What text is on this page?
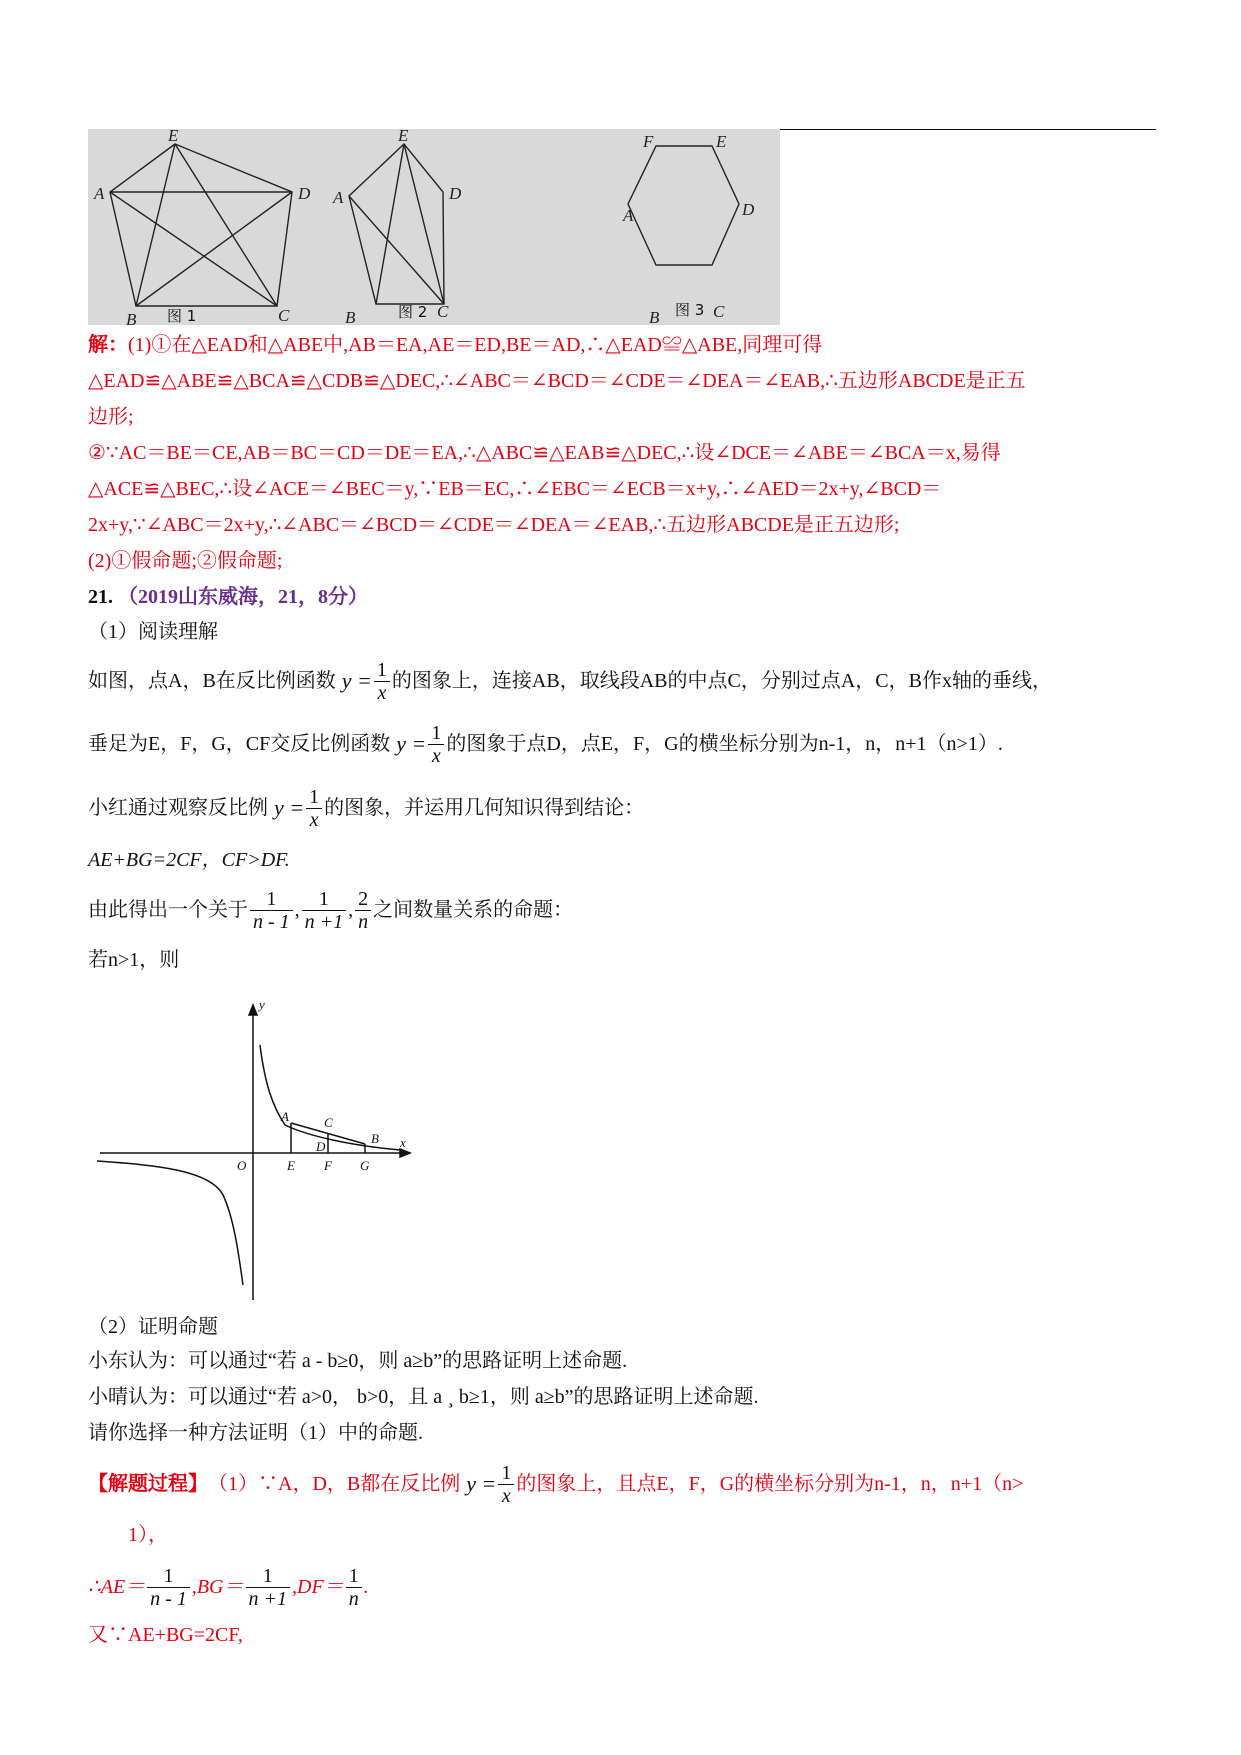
E
A	D
B	C
E
A	D
B	C
F	E
A	D
B	C
图 1	图 2	图 3
解：(1)①在△EAD和△ABE中,AB＝EA,AE＝ED,BE＝AD,∴△EAD≌△ABE,同理可得
△EAD≌△ABE≌△BCA≌△CDB≌△DEC,∴∠ABC＝∠BCD＝∠CDE＝∠DEA＝∠EAB,∴五边形ABCDE是正五
边形;
②∵AC＝BE＝CE,AB＝BC＝CD＝DE＝EA,∴△ABC≌△EAB≌△DEC,∴设∠DCE＝∠ABE＝∠BCA＝x,易得
△ACE≌△BEC,∴设∠ACE＝∠BEC＝y,∵EB＝EC,∴∠EBC＝∠ECB＝x+y,∴∠AED＝2x+y,∠BCD＝
2x+y,∵∠ABC＝2x+y,∴∠ABC＝∠BCD＝∠CDE＝∠DEA＝∠EAB,∴五边形ABCDE是正五边形;
(2)①假命题;②假命题;
21. （2019山东威海，21，8分）
（1）阅读理解
如图，点A，B在反比例函数 $y = \frac{1}{x}$ 的图象上，连接AB，取线段AB的中点C，分别过点A，C，B作x轴的垂线，
垂足为E，F，G，CF交反比例函数 $y = \frac{1}{x}$ 的图象于点D，点E，F，G的横坐标分别为n-1，n，n+1（n>1）.
小红通过观察反比例 $y = \frac{1}{x}$ 的图象，并运用几何知识得到结论：
AE+BG=2CF，CF>DF.
由此得出一个关于 $\frac{1}{n - 1}$ , $\frac{1}{n +1}$ , $\frac{2}{n}$ 之间数量关系的命题：
若n>1，则
y
x
O
A
B
C
D
E F G
（2）证明命题
小东认为：可以通过“若 a - b≥0，则 a≥b”的思路证明上述命题.
小晴认为：可以通过“若 a>0， b>0，且 a ¸ b≥1，则 a≥b”的思路证明上述命题.
请你选择一种方法证明（1）中的命题.
【解题过程】 （1）∵A，D，B都在反比例 $y = \frac{1}{x}$ 的图象上，且点E，F，G的横坐标分别为n-1，n，n+1（n>
1），
∴AE＝ $\frac{1}{n - 1} ,BG= \frac{1}{n +1} ,DF= \frac{1}{n}$ .
又∵AE+BG=2CF,
